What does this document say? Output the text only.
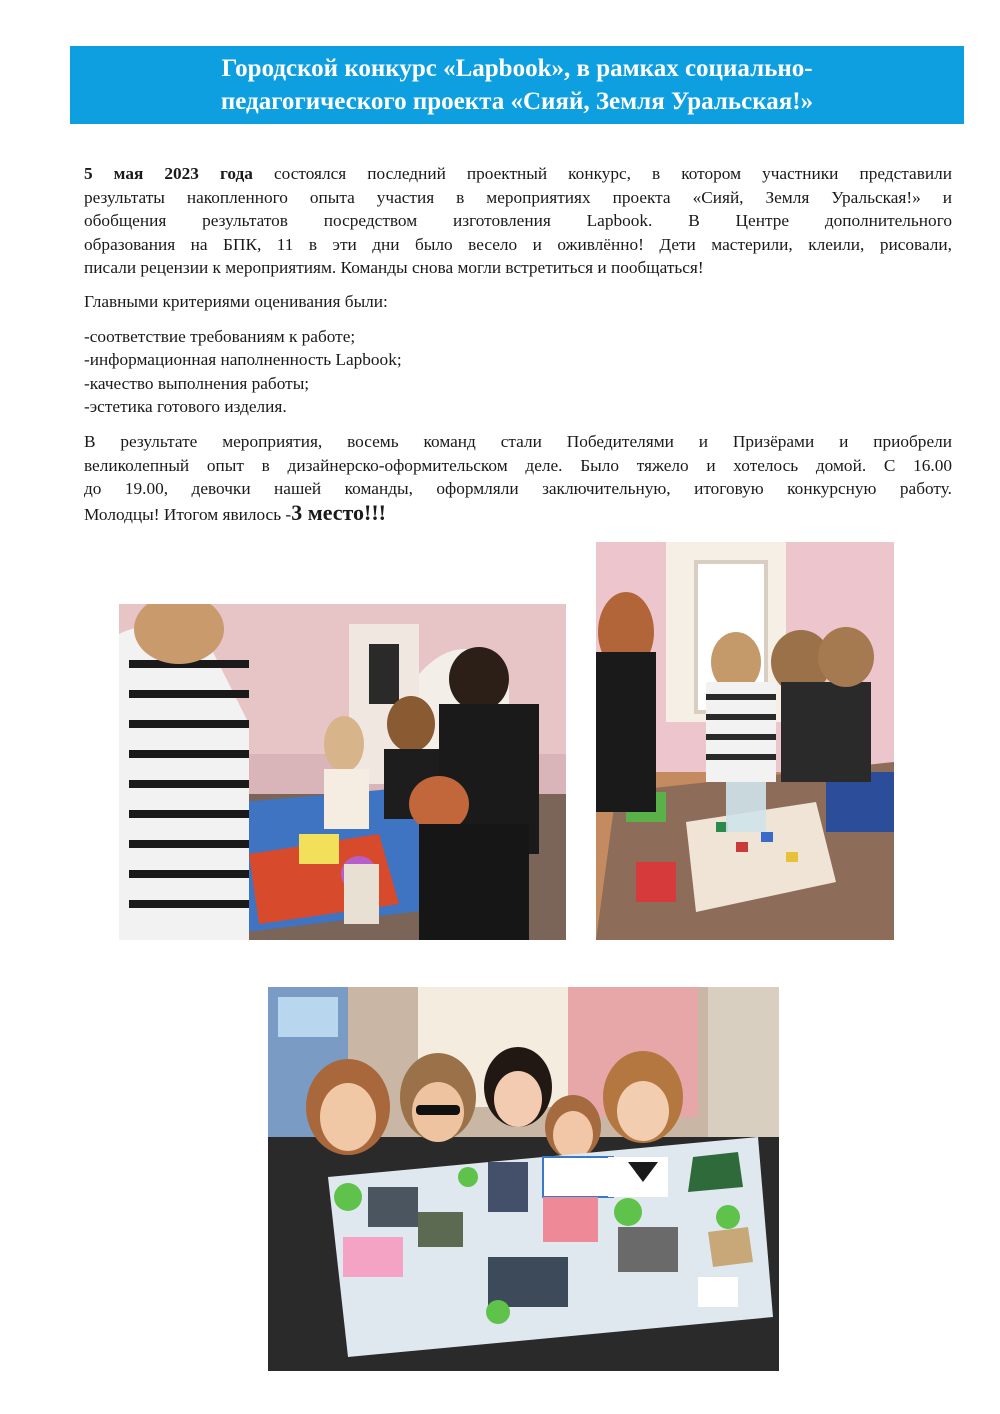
Городской конкурс «Lapbook», в рамках социально-
педагогического проекта «Сияй, Земля Уральская!»
5 мая 2023 года состоялся последний проектный конкурс, в котором участники представили
результаты накопленного опыта участия в мероприятиях проекта «Сияй, Земля Уральская!» и
обобщения результатов посредством изготовления Lapbook. В Центре дополнительного
образования на БПК, 11 в эти дни было весело и оживлённо! Дети мастерили, клеили, рисовали,
писали рецензии к мероприятиям. Команды снова могли встретиться и пообщаться!
Главными критериями оценивания были:
-соответствие требованиям к работе;
-информационная наполненность Lapbook;
-качество выполнения работы;
-эстетика готового изделия.
В результате мероприятия, восемь команд стали Победителями и Призёрами и приобрели
великолепный опыт в дизайнерско-оформительском деле. Было тяжело и хотелось домой. С 16.00
до 19.00, девочки нашей команды, оформляли заключительную, итоговую конкурсную работу.
Молодцы! Итогом явилось -3 место!!!
